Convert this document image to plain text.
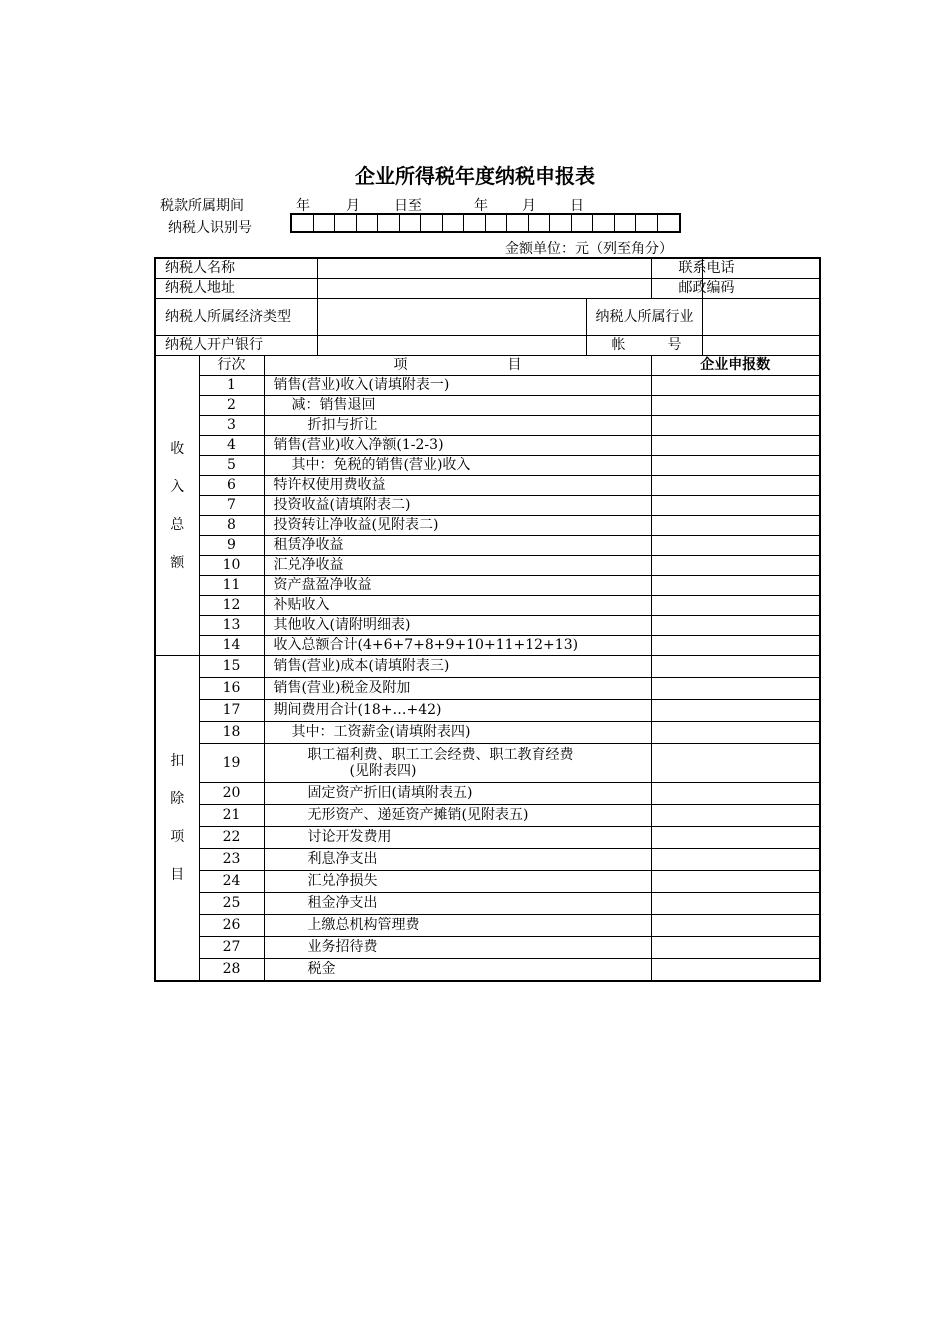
企业所得税年度纳税申报表
税款所属期间	年	月 日至	年 月 日
纳税人识别号
金额单位：元（列至角分）
纳税人名称					联系电话	
纳税人地址					邮政编码	
纳税人所属经济类型				纳税人所属行业		
纳税人开户银行				帐　　　号		

收
入
总
额	行次	项 目			企业申报数	
	1	销售(营业)收入(请填附表一)				
	2	减：销售退回				
	3	折扣与折让				
	4	销售(营业)收入净额(1-2-3)				
	5	其中：免税的销售(营业)收入				
	6	特许权使用费收益				
	7	投资收益(请填附表二)				
	8	投资转让净收益(见附表二)				
	9	租赁净收益				
	10	汇兑净收益				
	11	资产盘盈净收益				
	12	补贴收入				
	13	其他收入(请附明细表)				
	14	收入总额合计(4+6+7+8+9+10+11+12+13)				

扣
除
项
目	15	销售(营业)成本(请填附表三)				
	16	销售(营业)税金及附加				
	17	期间费用合计(18+…+42)				
	18	其中：工资薪金(请填附表四)				
	19	职工福利费、职工工会经费、职工教育经费
(见附表四)				
	20	固定资产折旧(请填附表五)				
	21	无形资产、递延资产摊销(见附表五)				
	22	讨论开发费用				
	23	利息净支出				
	24	汇兑净损失				
	25	租金净支出				
	26	上缴总机构管理费				
	27	业务招待费				
	28	税金				
